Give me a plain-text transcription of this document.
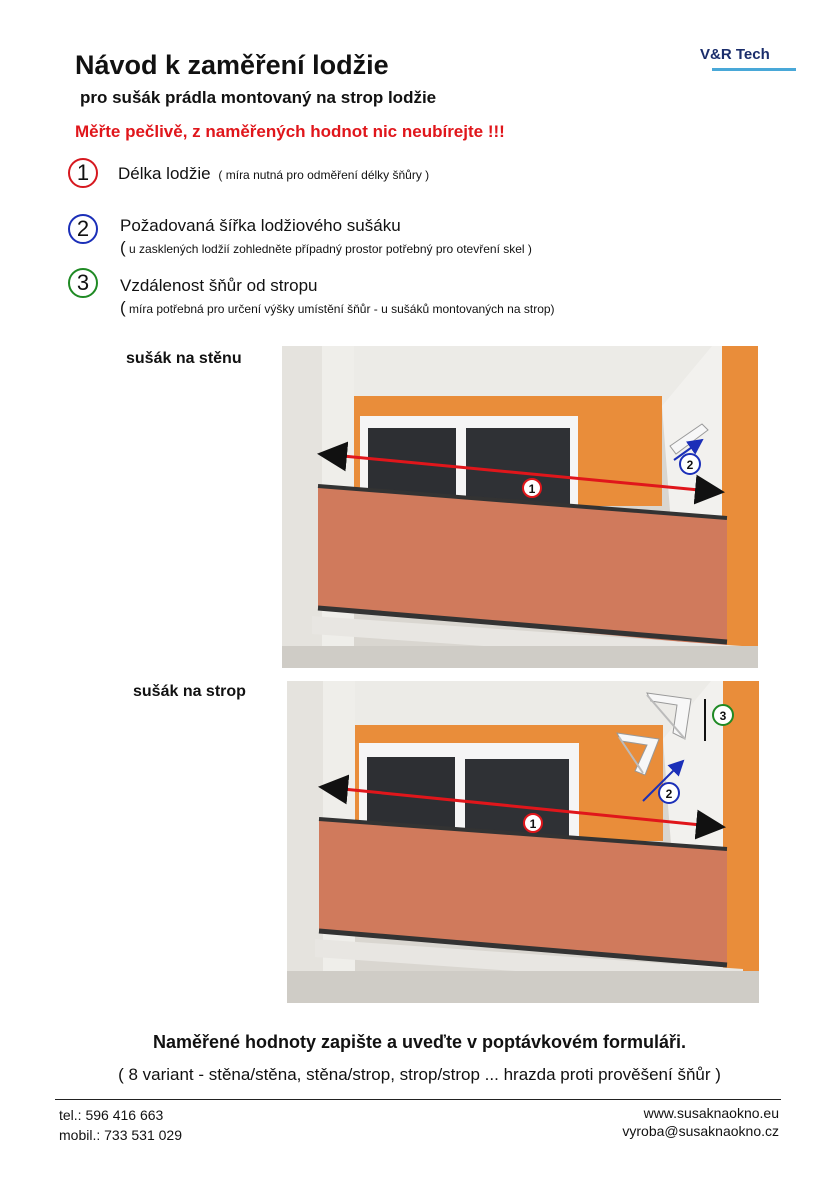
Návod k zaměření lodžie
pro sušák prádla montovaný na strop lodžie
Měřte pečlivě, z naměřených hodnot nic neubírejte !!!
V&R Tech
1	Délka lodžie  ( míra nutná pro odměření délky šňůry )
2	Požadovaná šířka lodžiového sušáku
( u zasklených lodžií zohledněte případný prostor potřebný pro otevření skel )
3	Vzdálenost šňůr od stropu
( míra potřebná pro určení výšky umístění šňůr - u sušáků montovaných na strop)
sušák na stěnu
sušák na strop
1
2
1
2
3
Naměřené hodnoty zapište a uveďte v poptávkovém formuláři.
( 8 variant - stěna/stěna, stěna/strop, strop/strop ... hrazda proti prověšení šňůr )
tel.: 596 416 663
mobil.: 733 531 029
www.susaknaokno.eu
vyroba@susaknaokno.cz
